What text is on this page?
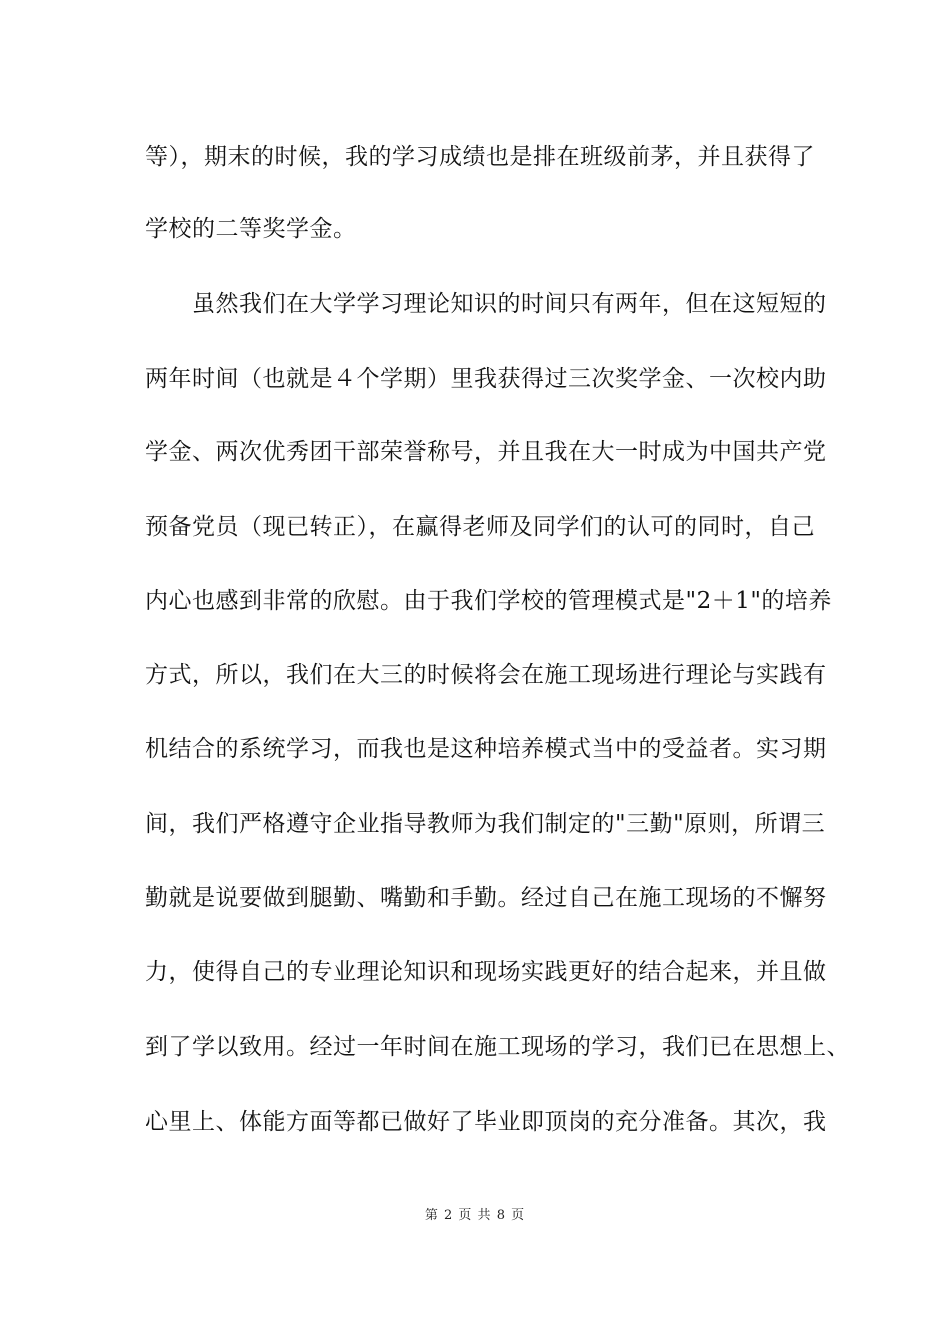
等），期末的时候，我的学习成绩也是排在班级前茅，并且获得了
学校的二等奖学金。
　　虽然我们在大学学习理论知识的时间只有两年，但在这短短的
两年时间（也就是４个学期）里我获得过三次奖学金、一次校内助
学金、两次优秀团干部荣誉称号，并且我在大一时成为中国共产党
预备党员（现已转正），在赢得老师及同学们的认可的同时，自己
内心也感到非常的欣慰。由于我们学校的管理模式是"2＋1"的培养
方式，所以，我们在大三的时候将会在施工现场进行理论与实践有
机结合的系统学习，而我也是这种培养模式当中的受益者。实习期
间，我们严格遵守企业指导教师为我们制定的"三勤"原则，所谓三
勤就是说要做到腿勤、嘴勤和手勤。经过自己在施工现场的不懈努
力，使得自己的专业理论知识和现场实践更好的结合起来，并且做
到了学以致用。经过一年时间在施工现场的学习，我们已在思想上、
心里上、体能方面等都已做好了毕业即顶岗的充分准备。其次，我
第 2 页 共 8 页
